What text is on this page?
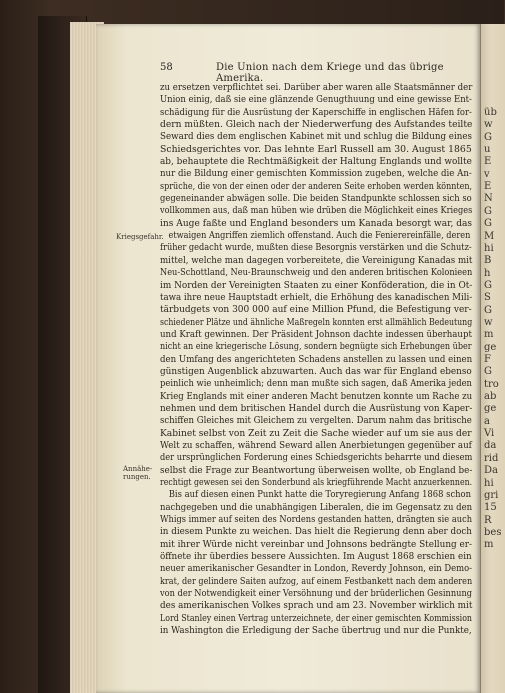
üb
w
G
u
E
v
E
N
G
G
M
hi
B
h
G
S
G
w
m
ge
F
G
tro
ab
ge
a
Vi
da
rid
Da
hi
gri
15
R
bes
m
58	Die Union nach dem Kriege und das übrige Amerika.
Kriegsgefahr.
Annähe-
rungen.
zu ersetzen verpflichtet sei. Darüber aber waren alle Staatsmänner der
Union einig, daß sie eine glänzende Genugthuung und eine gewisse Ent-
schädigung für die Ausrüstung der Kaperschiffe in englischen Häfen for-
dern müßten. Gleich nach der Niederwerfung des Aufstandes teilte
Seward dies dem englischen Kabinet mit und schlug die Bildung eines
Schiedsgerichtes vor. Das lehnte Earl Russell am 30. August 1865
ab, behauptete die Rechtmäßigkeit der Haltung Englands und wollte
nur die Bildung einer gemischten Kommission zugeben, welche die An-
sprüche, die von der einen oder der anderen Seite erhoben werden könnten,
gegeneinander abwägen solle. Die beiden Standpunkte schlossen sich so
vollkommen aus, daß man hüben wie drüben die Möglichkeit eines Krieges
ins Auge faßte und England besonders um Kanada besorgt war, das
etwaigen Angriffen ziemlich offenstand. Auch die Fenierereinfälle, deren
früher gedacht wurde, mußten diese Besorgnis verstärken und die Schutz-
mittel, welche man dagegen vorbereitete, die Vereinigung Kanadas mit
Neu-Schottland, Neu-Braunschweig und den anderen britischen Kolonieen
im Norden der Vereinigten Staaten zu einer Konföderation, die in Ot-
tawa ihre neue Hauptstadt erhielt, die Erhöhung des kanadischen Mili-
tärbudgets von 300 000 auf eine Million Pfund, die Befestigung ver-
schiedener Plätze und ähnliche Maßregeln konnten erst allmählich Bedeutung
und Kraft gewinnen. Der Präsident Johnson dachte indessen überhaupt
nicht an eine kriegerische Lösung, sondern begnügte sich Erhebungen über
den Umfang des angerichteten Schadens anstellen zu lassen und einen
günstigen Augenblick abzuwarten. Auch das war für England ebenso
peinlich wie unheimlich; denn man mußte sich sagen, daß Amerika jeden
Krieg Englands mit einer anderen Macht benutzen konnte um Rache zu
nehmen und dem britischen Handel durch die Ausrüstung von Kaper-
schiffen Gleiches mit Gleichem zu vergelten. Darum nahm das britische
Kabinet selbst von Zeit zu Zeit die Sache wieder auf um sie aus der
Welt zu schaffen, während Seward allen Anerbietungen gegenüber auf
der ursprünglichen Forderung eines Schiedsgerichts beharrte und diesem
selbst die Frage zur Beantwortung überweisen wollte, ob England be-
rechtigt gewesen sei den Sonderbund als kriegführende Macht anzuerkennen.
Bis auf diesen einen Punkt hatte die Toryregierung Anfang 1868 schon
nachgegeben und die unabhängigen Liberalen, die im Gegensatz zu den
Whigs immer auf seiten des Nordens gestanden hatten, drängten sie auch
in diesem Punkte zu weichen. Das hielt die Regierung denn aber doch
mit ihrer Würde nicht vereinbar und Johnsons bedrängte Stellung er-
öffnete ihr überdies bessere Aussichten. Im August 1868 erschien ein
neuer amerikanischer Gesandter in London, Reverdy Johnson, ein Demo-
krat, der gelindere Saiten aufzog, auf einem Festbankett nach dem anderen
von der Notwendigkeit einer Versöhnung und der brüderlichen Gesinnung
des amerikanischen Volkes sprach und am 23. November wirklich mit
Lord Stanley einen Vertrag unterzeichnete, der einer gemischten Kommission
in Washington die Erledigung der Sache übertrug und nur die Punkte,
